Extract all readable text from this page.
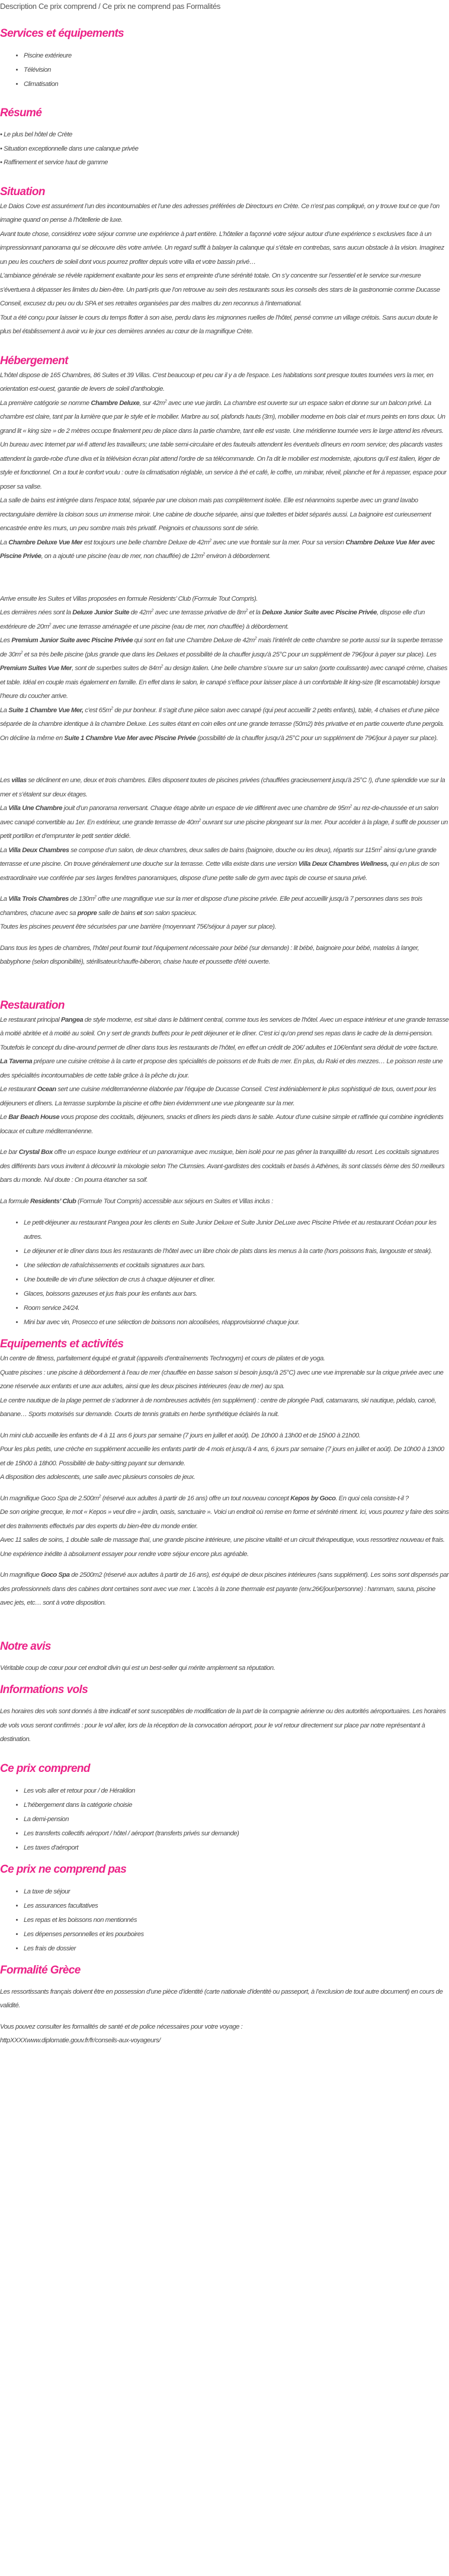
Description Ce prix comprend / Ce prix ne comprend pas Formalités
Services et équipements
• Piscine extérieure
• Télévision
• Climatisation
Résumé

• Le plus bel hôtel de Crète

• Situation exceptionnelle dans une calanque privée

• Raffinement et service haut de gamme

Situation

Le Daios Cove est assurément l’un des incontournables et l’une des adresses préférées de Directours en Crète. Ce n’est pas compliqué, on y trouve tout ce que l’on imagine quand on pense à l’hôtellerie de luxe.

Avant toute chose, considérez votre séjour comme une expérience à part entière. L’hôtelier a façonné votre séjour autour d’une expérience s exclusives face à un impressionnant panorama qui se découvre dès votre arrivée. Un regard suffit à balayer la calanque qui s’étale en contrebas, sans aucun obstacle à la vision. Imaginez un peu les couchers de soleil dont vous pourrez profiter depuis votre villa et votre bassin privé…

L’ambiance générale se révèle rapidement exaltante pour les sens et empreinte d’une sérénité totale. On s’y concentre sur l’essentiel et le service sur-mesure s’évertuera à dépasser les limites du bien-être. Un parti-pris que l’on retrouve au sein des restaurants sous les conseils des stars de la gastronomie comme Ducasse Conseil, excusez du peu ou du SPA et ses retraites organisées par des maîtres du zen reconnus à l’international.

Tout a été conçu pour laisser le cours du temps flotter à son aise, perdu dans les mignonnes ruelles de l’hôtel, pensé comme un village crétois. Sans aucun doute le plus bel établissement à avoir vu le jour ces dernières années au cœur de la magnifique Crète.

Hébergement

L'hôtel dispose de 165 Chambres, 86 Suites et 39 Villas. C'est beaucoup et peu car il y a de l'espace. Les habitations sont presque toutes tournées vers la mer, en orientation est-ouest, garantie de levers de soleil d'anthologie.

La première catégorie se nomme Chambre Deluxe, sur $42m^2$ avec une vue jardin. La chambre est ouverte sur un espace salon et donne sur un balcon privé. La chambre est claire, tant par la lumière que par le style et le mobilier. Marbre au sol, plafonds hauts (3m), mobilier moderne en bois clair et murs peints en tons doux. Un grand lit « king size » de 2 mètres occupe finalement peu de place dans la partie chambre, tant elle est vaste. Une méridienne tournée vers le large attend les rêveurs. Un bureau avec Internet par wi-fi attend les travailleurs; une table semi-circulaire et des fauteuils attendent les éventuels dîneurs en room service; des placards vastes attendent la garde-robe d'une diva et la télévision écran plat attend l'ordre de sa télécommande. On l'a dit le mobilier est moderniste, ajoutons qu'il est italien, léger de style et fonctionnel. On a tout le confort voulu : outre la climatisation réglable, un service à thé et café, le coffre, un minibar, réveil, planche et fer à repasser, espace pour poser sa valise.

La salle de bains est intégrée dans l'espace total, séparée par une cloison mais pas complètement isolée. Elle est néanmoins superbe avec un grand lavabo rectangulaire derrière la cloison sous un immense miroir. Une cabine de douche séparée, ainsi que toilettes et bidet séparés aussi. La baignoire est curieusement encastrée entre les murs, un peu sombre mais très privatif. Peignoirs et chaussons sont de série.

La Chambre Deluxe Vue Mer est toujours une belle chambre Deluxe de $42m^2$ avec une vue frontale sur la mer. Pour sa version Chambre Deluxe Vue Mer avec Piscine Privée, on a ajouté une piscine (eau de mer, non chauffée) de $12m^2$ environ à débordement.

Arrive ensuite les Suites et Villas proposées en formule Residents’ Club (Formule Tout Compris).

Les dernières nées sont la Deluxe Junior Suite de $42m^2$ avec une terrasse privative de $8m^2$ et la Deluxe Junior Suite avec Piscine Privée, dispose elle d’un extérieure de $20m^2$ avec une terrasse aménagée et une piscine (eau de mer, non chauffée) à débordement.

Les Premium Junior Suite avec Piscine Privée qui sont en fait une Chambre Deluxe de $42m^2$ mais l’intérêt de cette chambre se porte aussi sur la superbe terrasse de $30m^2$ et sa très belle piscine (plus grande que dans les Deluxes et possibilité de la chauffer jusqu'à 25°C pour un supplément de 79€/jour à payer sur place). Les Premium Suites Vue Mer, sont de superbes suites de $84m^2$ au design italien. Une belle chambre s’ouvre sur un salon (porte coulissante) avec canapé crème, chaises et table. Idéal en couple mais également en famille. En effet dans le salon, le canapé s’efface pour laisser place à un confortable lit king-size (lit escamotable) lorsque l’heure du coucher arrive.

La Suite 1 Chambre Vue Mer, c’est $65m^2$ de pur bonheur. Il s'agit d'une pièce salon avec canapé (qui peut accueillir 2 petits enfants), table, 4 chaises et d’une pièce séparée de la chambre identique à la chambre Deluxe. Les suites étant en coin elles ont une grande terrasse (50m2) très privative et en partie couverte d'une pergola. On décline la même en Suite 1 Chambre Vue Mer avec Piscine Privée (possibilité de la chauffer jusqu'à 25°C pour un supplément de 79€/jour à payer sur place).

Les villas se déclinent en une, deux et trois chambres. Elles disposent toutes de piscines privées (chauffées gracieusement jusqu'à 25°C !), d’une splendide vue sur la mer et s’étalent sur deux étages.

La Villa Une Chambre jouit d’un panorama renversant. Chaque étage abrite un espace de vie différent avec une chambre de $95m^2$ au rez-de-chaussée et un salon avec canapé convertible au 1er. En extérieur, une grande terrasse de $40m^2$ ouvrant sur une piscine plongeant sur la mer. Pour accéder à la plage, il suffit de pousser un petit portillon et d’emprunter le petit sentier dédié.

La Villa Deux Chambres se compose d’un salon, de deux chambres, deux salles de bains (baignoire, douche ou les deux), répartis sur $115m^2$ ainsi qu’une grande terrasse et une piscine. On trouve généralement une douche sur la terrasse. Cette villa existe dans une version Villa Deux Chambres Wellness, qui en plus de son extraordinaire vue conférée par ses larges fenêtres panoramiques, dispose d’une petite salle de gym avec tapis de course et sauna privé.

La Villa Trois Chambres de $130m^2$ offre une magnifique vue sur la mer et dispose d’une piscine privée. Elle peut accueillir jusqu'à 7 personnes dans ses trois chambres, chacune avec sa propre salle de bains et son salon spacieux.

Toutes les piscines peuvent être sécurisées par une barrière (moyennant 75€/séjour à payer sur place).

Dans tous les types de chambres, l’hôtel peut fournir tout l’équipement nécessaire pour bébé (sur demande) : lit bébé, baignoire pour bébé, matelas à langer, babyphone (selon disponibilité), stérilisateur/chauffe-biberon, chaise haute et poussette d'été ouverte.

Restauration

Le restaurant principal Pangea de style moderne, est situé dans le bâtiment central, comme tous les services de l'hôtel. Avec un espace intérieur et une grande terrasse à moitié abritée et à moitié au soleil. On y sert de grands buffets pour le petit déjeuner et le dîner. C'est ici qu'on prend ses repas dans le cadre de la demi-pension. Toutefois le concept du dine-around permet de dîner dans tous les restaurants de l’hôtel, en effet un crédit de 20€/ adultes et 10€/enfant sera déduit de votre facture.

La Taverna prépare une cuisine crétoise à la carte et propose des spécialités de poissons et de fruits de mer. En plus, du Raki et des mezzes… Le poisson reste une des spécialités incontournables de cette table grâce à la pêche du jour.

Le restaurant Ocean sert une cuisine méditerranéenne élaborée par l’équipe de Ducasse Conseil. C'est indéniablement le plus sophistiqué de tous, ouvert pour les déjeuners et dîners. La terrasse surplombe la piscine et offre bien évidemment une vue plongeante sur la mer.

Le Bar Beach House vous propose des cocktails, déjeuners, snacks et dîners les pieds dans le sable. Autour d’une cuisine simple et raffinée qui combine ingrédients locaux et culture méditerranéenne.

Le bar Crystal Box offre un espace lounge extérieur et un panoramique avec musique, bien isolé pour ne pas gêner la tranquillité du resort. Les cocktails signatures des différents bars vous invitent à découvrir la mixologie selon The Clumsies. Avant-gardistes des cocktails et basés à Athènes, ils sont classés 6ème des 50 meilleurs bars du monde. Nul doute : On pourra étancher sa soif.

La formule Residents’ Club (Formule Tout Compris) accessible aux séjours en Suites et Villas inclus :

• Le petit-déjeuner au restaurant Pangea pour les clients en Suite Junior Deluxe et Suite Junior DeLuxe avec Piscine Privée et au restaurant Océan pour les autres.
• Le déjeuner et le dîner dans tous les restaurants de l’hôtel avec un libre choix de plats dans les menus à la carte (hors poissons frais, langouste et steak).
• Une sélection de rafraîchissements et cocktails signatures aux bars.
• Une bouteille de vin d’une sélection de crus à chaque déjeuner et dîner.
• Glaces, boissons gazeuses et jus frais pour les enfants aux bars.
• Room service 24/24.
• Mini bar avec vin, Prosecco et une sélection de boissons non alcoolisées, réapprovisionné chaque jour.
Equipements et activités

Un centre de fitness, parfaitement équipé et gratuit (appareils d’entraînements Technogym) et cours de pilates et de yoga.

Quatre piscines : une piscine à débordement à l’eau de mer (chauffée en basse saison si besoin jusqu'à 25°C) avec une vue imprenable sur la crique privée avec une zone réservée aux enfants et une aux adultes, ainsi que les deux piscines intérieures (eau de mer) au spa.

Le centre nautique de la plage permet de s’adonner à de nombreuses activités (en supplément) : centre de plongée Padi, catamarans, ski nautique, pédalo, canoë, banane… Sports motorisés sur demande. Courts de tennis gratuits en herbe synthétique éclairés la nuit.

Un mini club accueille les enfants de 4 à 11 ans 6 jours par semaine (7 jours en juillet et août). De 10h00 à 13h00 et de 15h00 à 21h00.

Pour les plus petits, une crèche en supplément accueille les enfants partir de 4 mois et jusqu'à 4 ans, 6 jours par semaine (7 jours en juillet et août). De 10h00 à 13h00 et de 15h00 à 18h00. Possibilité de baby-sitting payant sur demande.

A disposition des adolescents, une salle avec plusieurs consoles de jeux.

Un magnifique Goco Spa de $2.500m^2$ (réservé aux adultes à partir de 16 ans) offre un tout nouveau concept Kepos by Goco. En quoi cela consiste-t-il ?

De son origine grecque, le mot « Kepos » veut dire « jardin, oasis, sanctuaire ». Voici un endroit où remise en forme et sérénité riment. Ici, vous pourrez y faire des soins et des traitements effectués par des experts du bien-être du monde entier.

Avec 11 salles de soins, 1 double salle de massage thaï, une grande piscine intérieure, une piscine vitalité et un circuit thérapeutique, vous ressortirez nouveau et frais. Une expérience inédite à absolument essayer pour rendre votre séjour encore plus agréable.

Un magnifique Goco Spa de 2500m2 (réservé aux adultes à partir de 16 ans), est équipé de deux piscines intérieures (sans supplément). Les soins sont dispensés par des professionnels dans des cabines dont certaines sont avec vue mer. L'accès à la zone thermale est payante (env.26€/jour/personne) : hammam, sauna, piscine avec jets, etc… sont à votre disposition.

Notre avis

Véritable coup de cœur pour cet endroit divin qui est un best-seller qui mérite amplement sa réputation.

Informations vols

Les horaires des vols sont donnés à titre indicatif et sont susceptibles de modification de la part de la compagnie aérienne ou des autorités aéroportuaires. Les horaires de vols vous seront confirmés : pour le vol aller, lors de la réception de la convocation aéroport, pour le vol retour directement sur place par notre représentant à destination.

Ce prix comprend
• Les vols aller et retour pour / de Héraklion
• L'hébergement dans la catégorie choisie
• La demi-pension
• Les transferts collectifs aéroport / hôtel / aéroport (transferts privés sur demande)
• Les taxes d'aéroport
Ce prix ne comprend pas
• La taxe de séjour
• Les assurances facultatives
• Les repas et les boissons non mentionnés
• Les dépenses personnelles et les pourboires
• Les frais de dossier
Formalité Grèce

Les ressortissants français doivent être en possession d’une pièce d’identité (carte nationale d’identité ou passeport, à l’exclusion de tout autre document) en cours de validité.

Vous pouvez consulter les formalités de santé et de police nécessaires pour votre voyage :

httpXXXXwww.diplomatie.gouv.fr/fr/conseils-aux-voyageurs/
